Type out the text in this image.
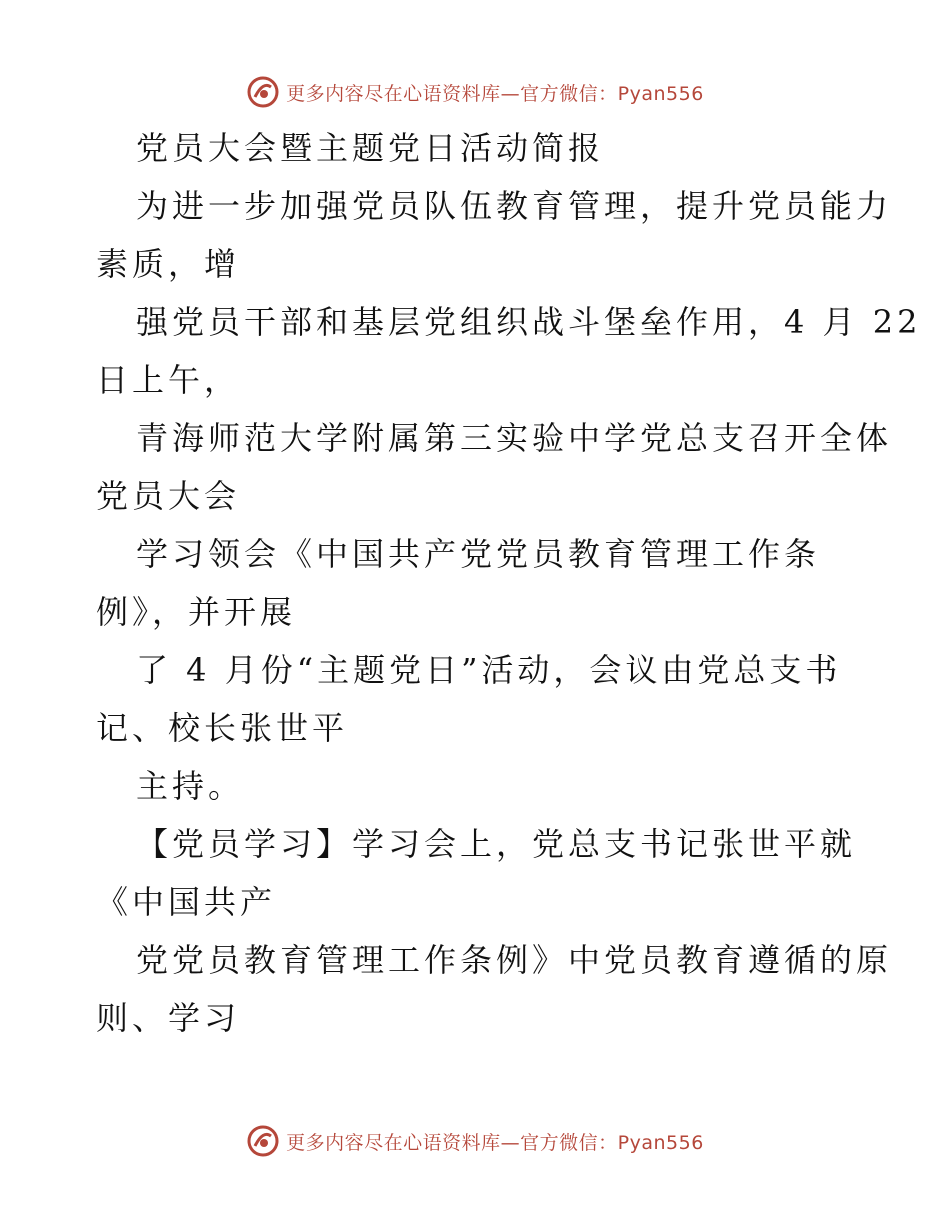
更多内容尽在心语资料库—官方微信：Pyan556
党员大会暨主题党日活动简报
为进一步加强党员队伍教育管理，提升党员能力
素质，增
强党员干部和基层党组织战斗堡垒作用，4 月 22
日上午，
青海师范大学附属第三实验中学党总支召开全体
党员大会
学习领会《中国共产党党员教育管理工作条
例》，并开展
了 4 月份“主题党日”活动，会议由党总支书
记、校长张世平
主持。
【党员学习】学习会上，党总支书记张世平就
《中国共产
党党员教育管理工作条例》中党员教育遵循的原
则、学习
更多内容尽在心语资料库—官方微信：Pyan556
